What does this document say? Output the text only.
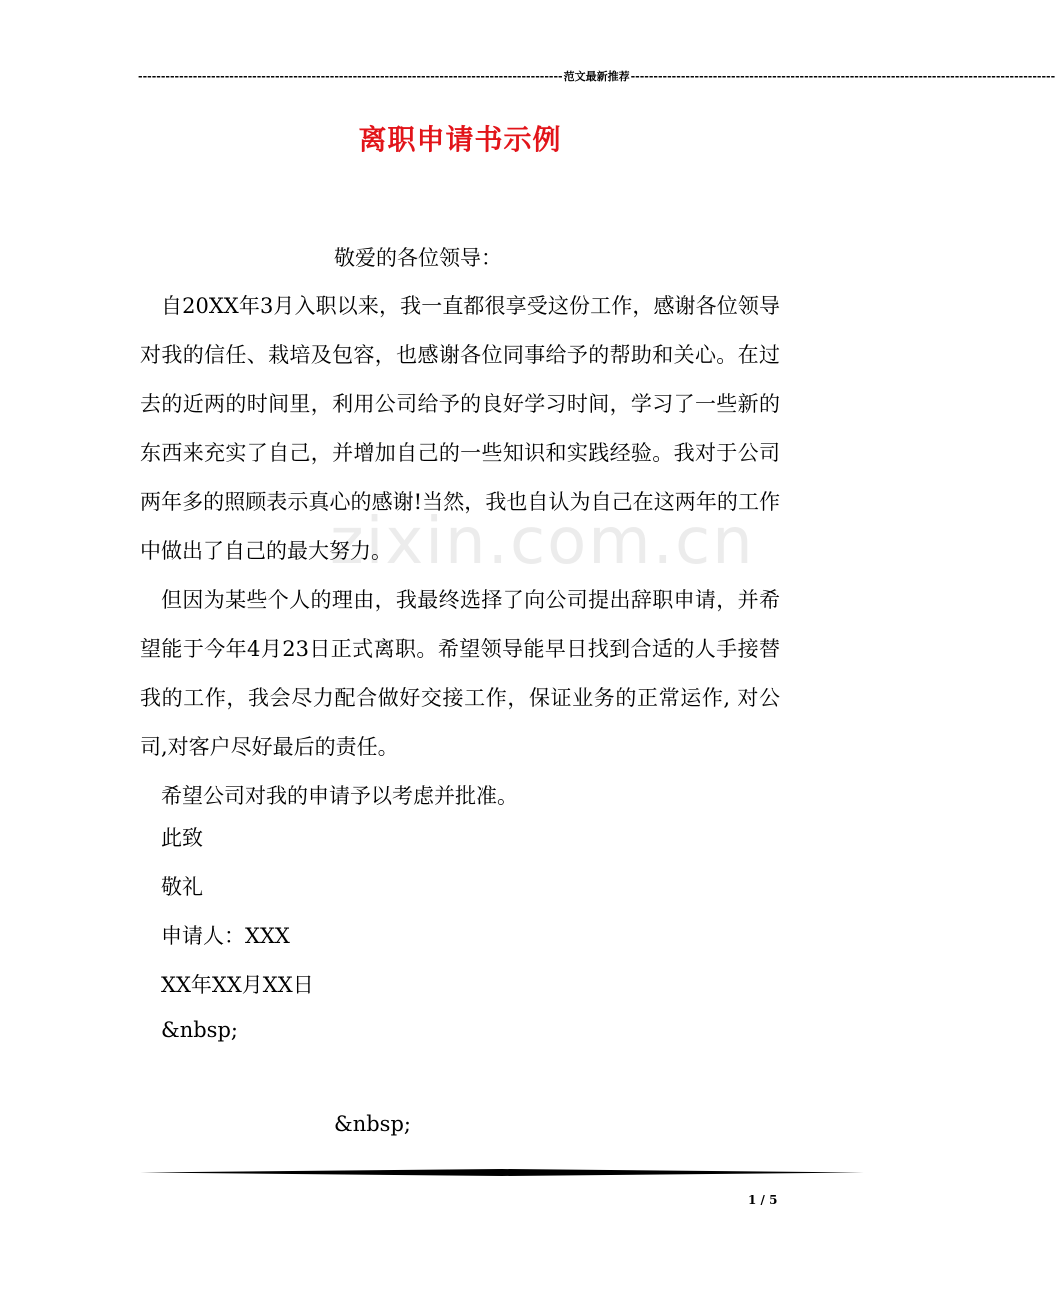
zixin.com.cn
--------------------------------------------------------------------------------------------- 范文最新推荐 ---------------------------------------------------------------------------------------------
离职申请书示例
敬爱的各位领导：

自20XX年3月入职以来，我一直都很享受这份工作，感谢各位领导对我的信任、栽培及包容，也感谢各位同事给予的帮助和关心。在过去的近两的时间里，利用公司给予的良好学习时间，学习了一些新的东西来充实了自己，并增加自己的一些知识和实践经验。我对于公司两年多的照顾表示真心的感谢!当然，我也自认为自己在这两年的工作中做出了自己的最大努力。

但因为某些个人的理由，我最终选择了向公司提出辞职申请，并希望能于今年4月23日正式离职。希望领导能早日找到合适的人手接替我的工作，我会尽力配合做好交接工作，保证业务的正常运作, 对公司,对客户尽好最后的责任。

希望公司对我的申请予以考虑并批准。

此致
敬礼
申请人：XXX
XX年XX月XX日
&nbsp;
&nbsp;
1 / 5
